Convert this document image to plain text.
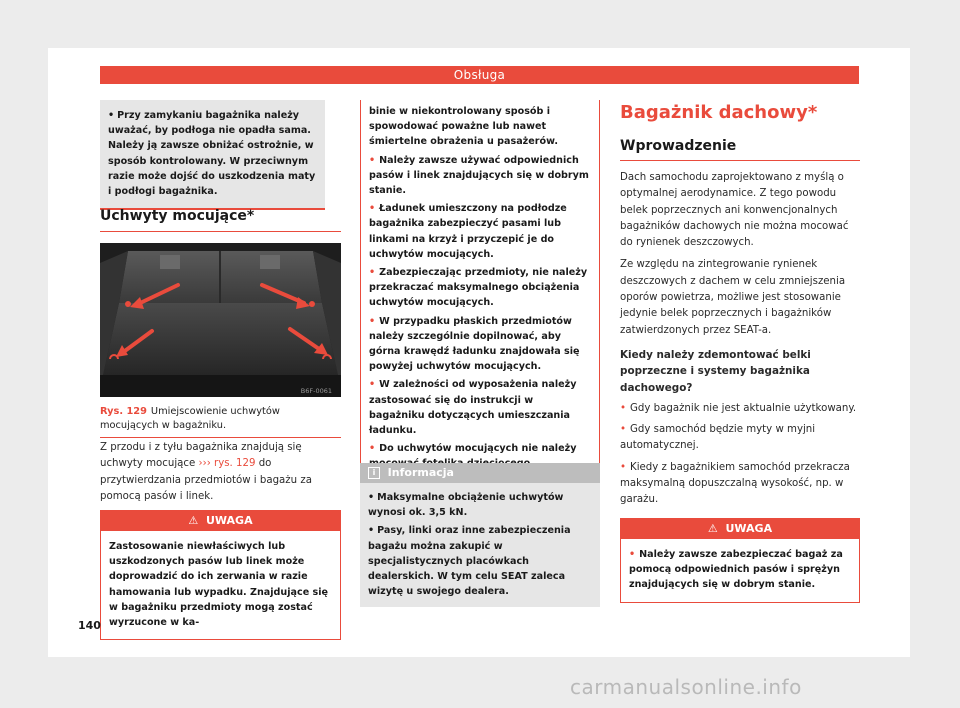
Obsługa

• Przy zamykaniu bagażnika należy uważać, by podłoga nie opadła sama. Należy ją zawsze obniżać ostrożnie, w sposób kontrolowany. W przeciwnym razie może dojść do uszkodzenia maty i podłogi bagażnika.

Uchwyty mocujące*
B6F-0061
Rys. 129 Umiejscowienie uchwytów mocujących w bagażniku.

Z przodu i z tyłu bagażnika znajdują się uchwyty mocujące ››› rys. 129 do przytwierdzania przedmiotów i bagażu za pomocą pasów i linek.

⚠ UWAGA

Zastosowanie niewłaściwych lub uszkodzonych pasów lub linek może doprowadzić do ich zerwania w razie hamowania lub wypadku. Znajdujące się w bagażniku przedmioty mogą zostać wyrzucone w ka-

binie w niekontrolowany sposób i spowodować poważne lub nawet śmiertelne obrażenia u pasażerów.

• Należy zawsze używać odpowiednich pasów i linek znajdujących się w dobrym stanie.

• Ładunek umieszczony na podłodze bagażnika zabezpieczyć pasami lub linkami na krzyż i przyczepić je do uchwytów mocujących.

• Zabezpieczając przedmioty, nie należy przekraczać maksymalnego obciążenia uchwytów mocujących.

• W przypadku płaskich przedmiotów należy szczególnie dopilnować, aby górna krawędź ładunku znajdowała się powyżej uchwytów mocujących.

• W zależności od wyposażenia należy zastosować się do instrukcji w bagażniku dotyczących umieszczania ładunku.

• Do uchwytów mocujących nie należy

i Informacja

• Maksymalne obciążenie uchwytów wynosi ok. 3,5 kN.

• Pasy, linki oraz inne zabezpieczenia bagażu można zakupić w specjalistycznych placówkach dealerskich. W tym celu SEAT zaleca wizytę u swojego dealera.

Bagażnik dachowy*
Wprowadzenie

Dach samochodu zaprojektowano z myślą o optymalnej aerodynamice. Z tego powodu belek poprzecznych ani konwencjonalnych bagażników dachowych nie można mocować do rynienek deszczowych.

Ze względu na zintegrowanie rynienek deszczowych z dachem w celu zmniejszenia oporów powietrza, możliwe jest stosowanie jedynie belek poprzecznych i bagażników zatwierdzonych przez SEAT-a.

Kiedy należy zdemontować belki poprzeczne i systemy bagażnika dachowego?

• Gdy bagażnik nie jest aktualnie użytkowany.

• Gdy samochód będzie myty w myjni automatycznej.

• Kiedy z bagażnikiem samochód przekracza maksymalną dopuszczalną wysokość, np. w garażu.

⚠ UWAGA

• Należy zawsze zabezpieczać bagaż za pomocą odpowiednich pasów i sprężyn znajdujących się w dobrym stanie.

140
carmanualsonline.info
